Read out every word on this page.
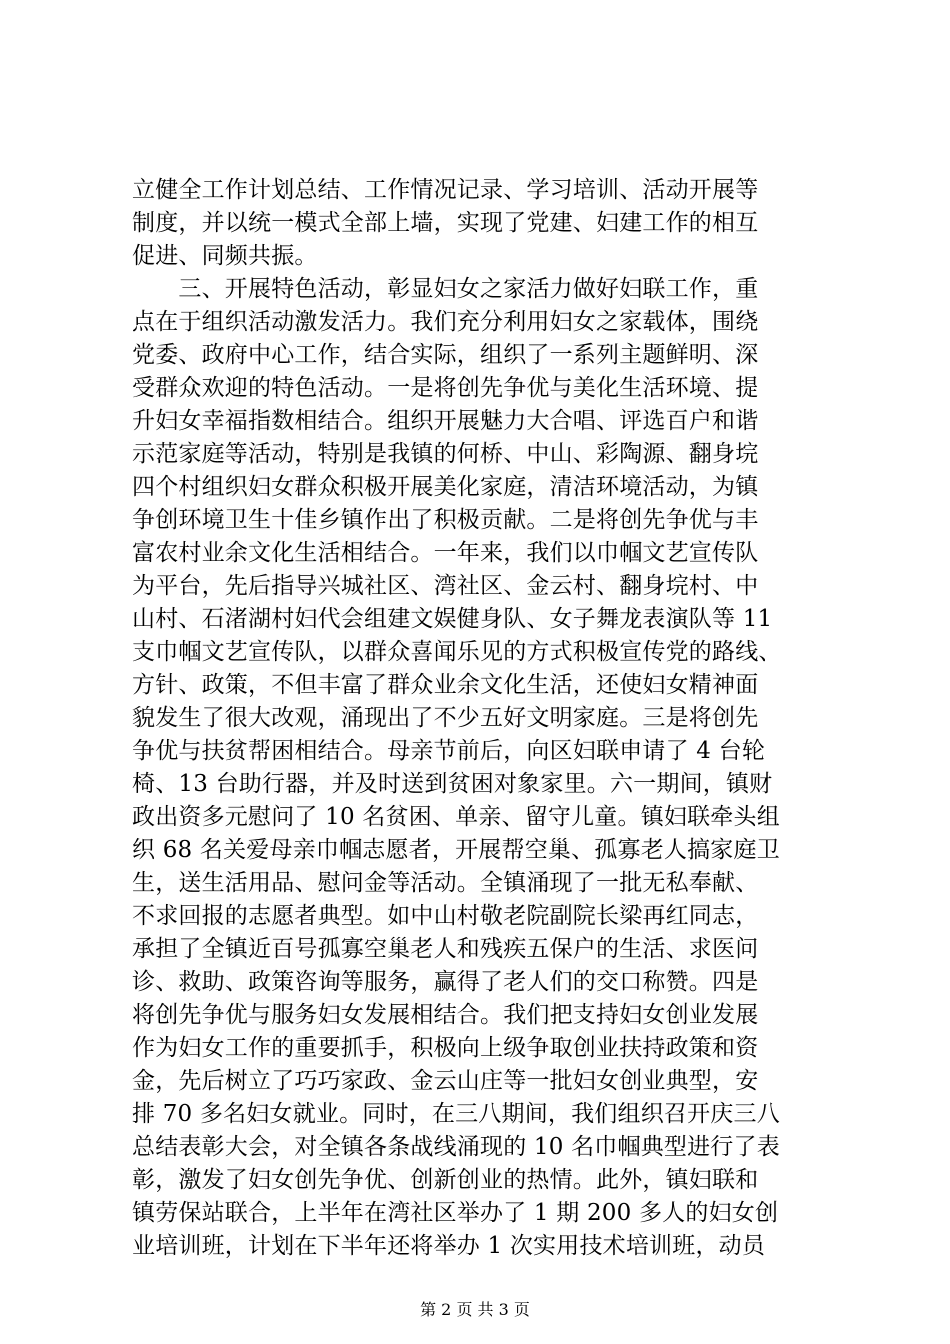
立健全工作计划总结、工作情况记录、学习培训、活动开展等
制度，并以统一模式全部上墙，实现了党建、妇建工作的相互
促进、同频共振。
　　三、开展特色活动，彰显妇女之家活力做好妇联工作，重
点在于组织活动激发活力。我们充分利用妇女之家载体，围绕
党委、政府中心工作，结合实际，组织了一系列主题鲜明、深
受群众欢迎的特色活动。一是将创先争优与美化生活环境、提
升妇女幸福指数相结合。组织开展魅力大合唱、评选百户和谐
示范家庭等活动，特别是我镇的何桥、中山、彩陶源、翻身垸
四个村组织妇女群众积极开展美化家庭，清洁环境活动，为镇
争创环境卫生十佳乡镇作出了积极贡献。二是将创先争优与丰
富农村业余文化生活相结合。一年来，我们以巾帼文艺宣传队
为平台，先后指导兴城社区、湾社区、金云村、翻身垸村、中
山村、石渚湖村妇代会组建文娱健身队、女子舞龙表演队等 11
支巾帼文艺宣传队，以群众喜闻乐见的方式积极宣传党的路线、
方针、政策，不但丰富了群众业余文化生活，还使妇女精神面
貌发生了很大改观，涌现出了不少五好文明家庭。三是将创先
争优与扶贫帮困相结合。母亲节前后，向区妇联申请了 4 台轮
椅、13 台助行器，并及时送到贫困对象家里。六一期间，镇财
政出资多元慰问了 10 名贫困、单亲、留守儿童。镇妇联牵头组
织 68 名关爱母亲巾帼志愿者，开展帮空巢、孤寡老人搞家庭卫
生，送生活用品、慰问金等活动。全镇涌现了一批无私奉献、
不求回报的志愿者典型。如中山村敬老院副院长梁再红同志，
承担了全镇近百号孤寡空巢老人和残疾五保户的生活、求医问
诊、救助、政策咨询等服务，赢得了老人们的交口称赞。四是
将创先争优与服务妇女发展相结合。我们把支持妇女创业发展
作为妇女工作的重要抓手，积极向上级争取创业扶持政策和资
金，先后树立了巧巧家政、金云山庄等一批妇女创业典型，安
排 70 多名妇女就业。同时，在三八期间，我们组织召开庆三八
总结表彰大会，对全镇各条战线涌现的 10 名巾帼典型进行了表
彰，激发了妇女创先争优、创新创业的热情。此外，镇妇联和
镇劳保站联合，上半年在湾社区举办了 1 期 200 多人的妇女创
业培训班，计划在下半年还将举办 1 次实用技术培训班，动员
第 2 页 共 3 页
